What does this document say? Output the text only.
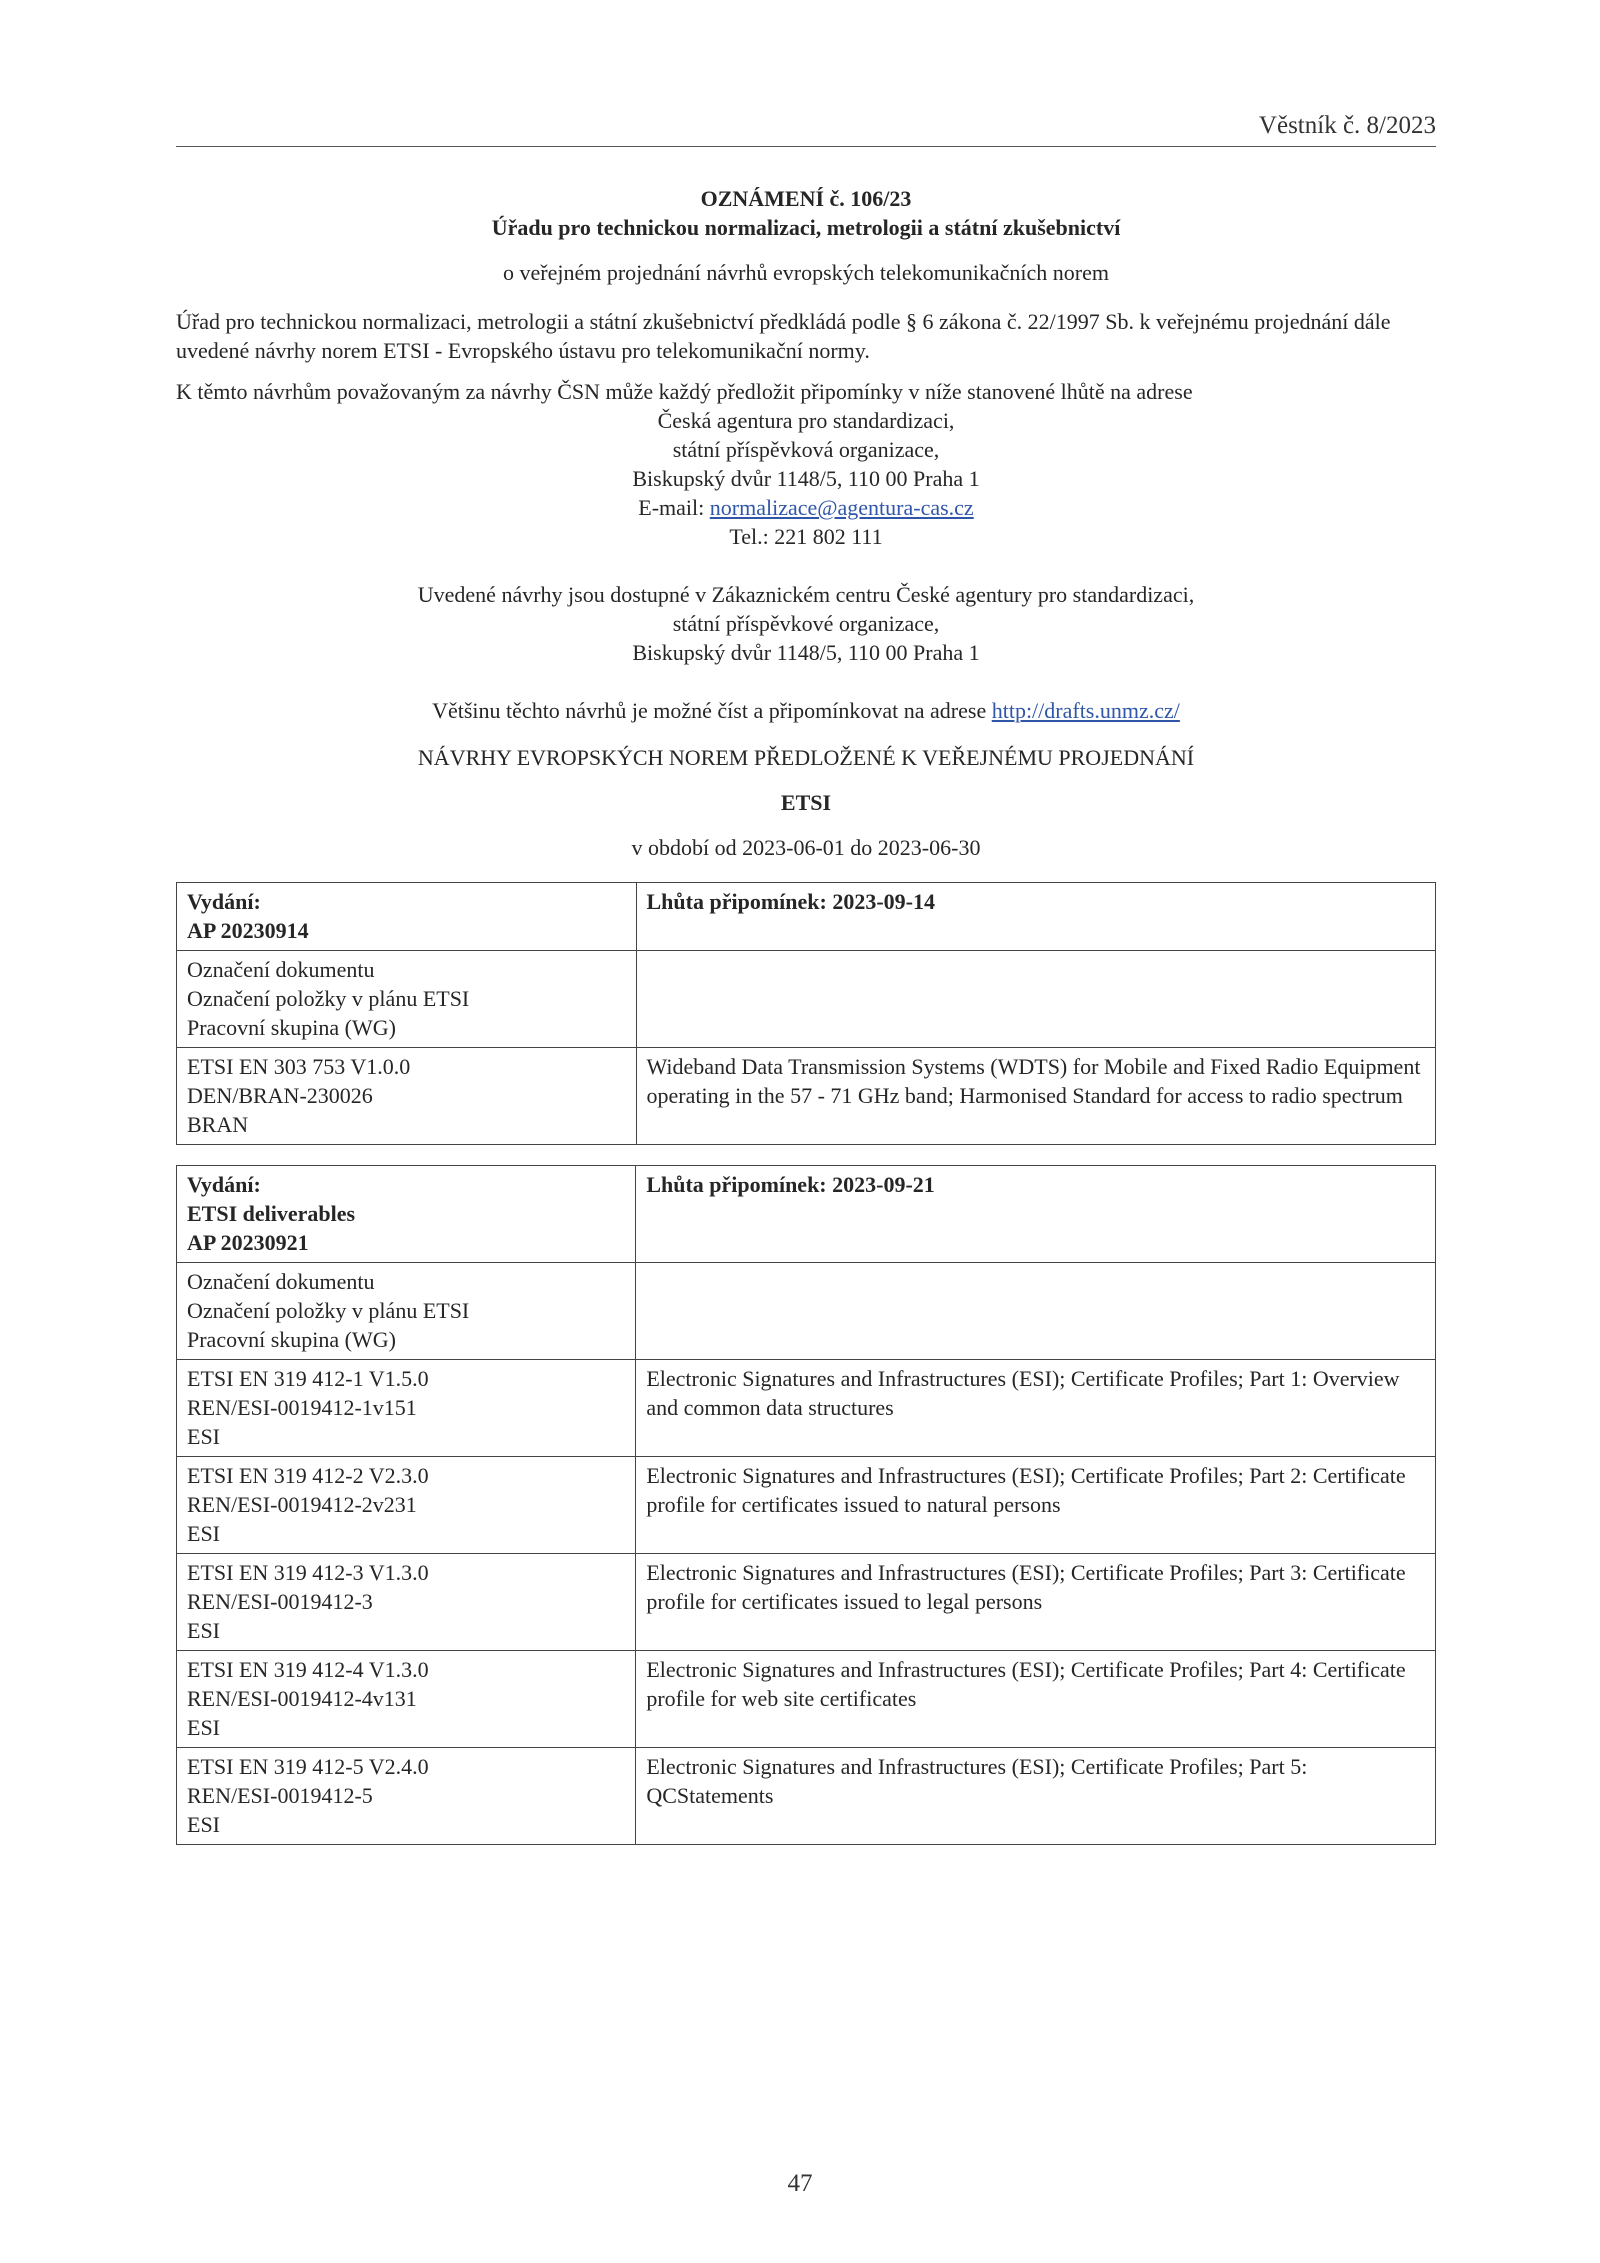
Věstník č. 8/2023

OZNÁMENÍ č. 106/23
Úřadu pro technickou normalizaci, metrologii a státní zkušebnictví

o veřejném projednání návrhů evropských telekomunikačních norem

Úřad pro technickou normalizaci, metrologii a státní zkušebnictví předkládá podle § 6 zákona č. 22/1997 Sb. k veřejnému projednání dále uvedené návrhy norem ETSI - Evropského ústavu pro telekomunikační normy.

K těmto návrhům považovaným za návrhy ČSN může každý předložit připomínky v níže stanovené lhůtě na adrese

Česká agentura pro standardizaci,
státní příspěvková organizace,
Biskupský dvůr 1148/5, 110 00 Praha 1
E-mail: normalizace@agentura-cas.cz
Tel.: 221 802 111
Uvedené návrhy jsou dostupné v Zákaznickém centru České agentury pro standardizaci,
státní příspěvkové organizace,
Biskupský dvůr 1148/5, 110 00 Praha 1
Většinu těchto návrhů je možné číst a připomínkovat na adrese http://drafts.unmz.cz/

NÁVRHY EVROPSKÝCH NOREM PŘEDLOŽENÉ K VEŘEJNÉMU PROJEDNÁNÍ

ETSI

v období od 2023-06-01 do 2023-06-30

Vydání:
AP 20230914	Lhůta připomínek: 2023-09-14

Označení dokumentu
Označení položky v plánu ETSI
Pracovní skupina (WG)	

ETSI EN 303 753 V1.0.0
DEN/BRAN-230026
BRAN	Wideband Data Transmission Systems (WDTS) for Mobile and Fixed Radio Equipment operating in the 57 - 71 GHz band; Harmonised Standard for access to radio spectrum
Vydání:
ETSI deliverables
AP 20230921	Lhůta připomínek: 2023-09-21

Označení dokumentu
Označení položky v plánu ETSI
Pracovní skupina (WG)	

ETSI EN 319 412-1 V1.5.0
REN/ESI-0019412-1v151
ESI	Electronic Signatures and Infrastructures (ESI); Certificate Profiles; Part 1: Overview and common data structures

ETSI EN 319 412-2 V2.3.0
REN/ESI-0019412-2v231
ESI	Electronic Signatures and Infrastructures (ESI); Certificate Profiles; Part 2: Certificate profile for certificates issued to natural persons

ETSI EN 319 412-3 V1.3.0
REN/ESI-0019412-3
ESI	Electronic Signatures and Infrastructures (ESI); Certificate Profiles; Part 3: Certificate profile for certificates issued to legal persons

ETSI EN 319 412-4 V1.3.0
REN/ESI-0019412-4v131
ESI	Electronic Signatures and Infrastructures (ESI); Certificate Profiles; Part 4: Certificate profile for web site certificates

ETSI EN 319 412-5 V2.4.0
REN/ESI-0019412-5
ESI	Electronic Signatures and Infrastructures (ESI); Certificate Profiles; Part 5: QCStatements
47
